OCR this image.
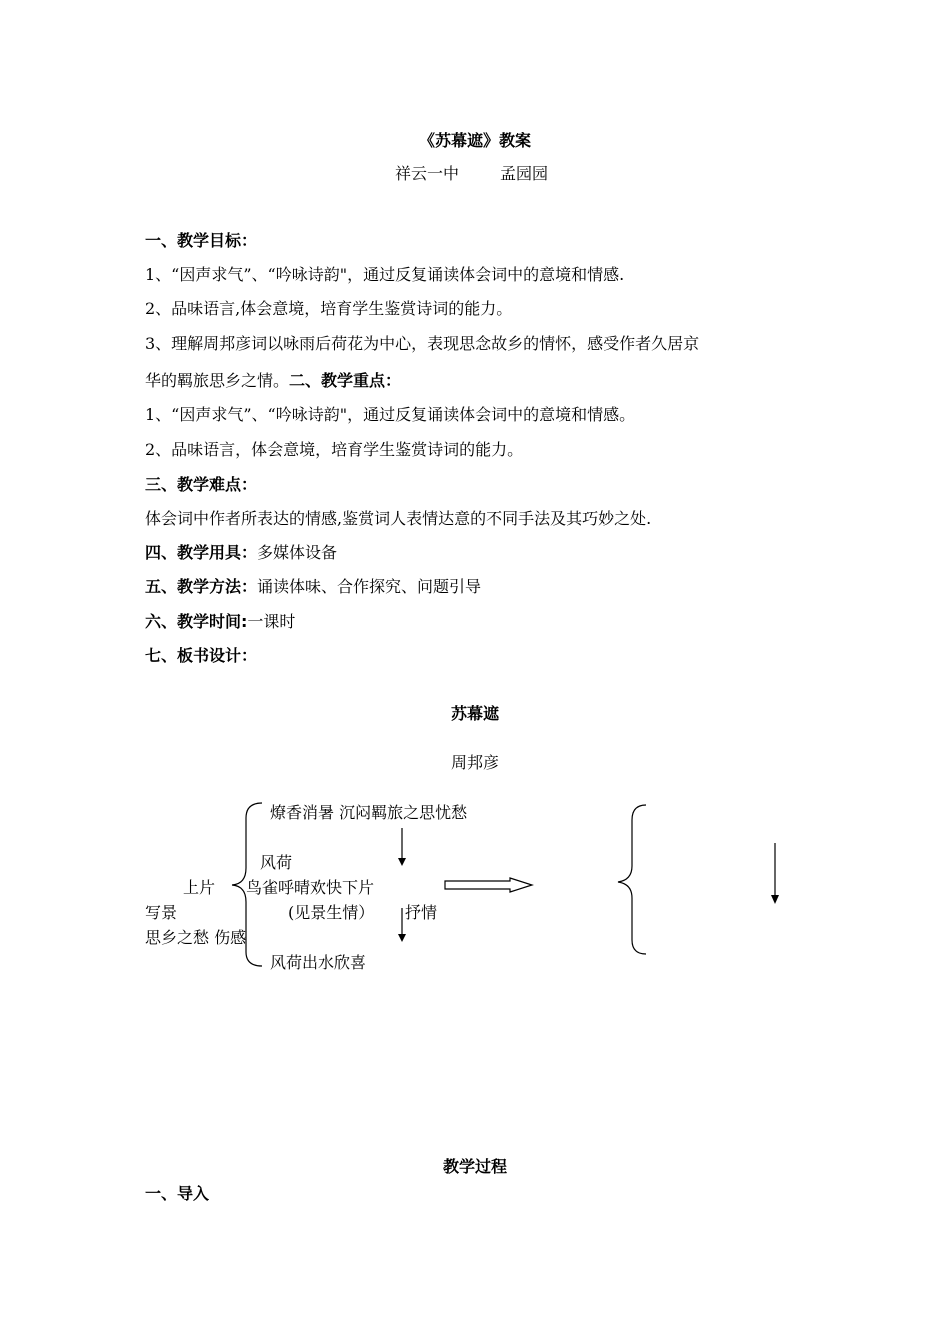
《苏幕遮》教案
祥云一中	孟园园
一、教学目标：
1、“因声求气”、“吟咏诗韵"，通过反复诵读体会词中的意境和情感.
2、品味语言,体会意境，培育学生鉴赏诗词的能力。
3、理解周邦彦词以咏雨后荷花为中心，表现思念故乡的情怀，感受作者久居京
华的羁旅思乡之情。二、教学重点：
1、“因声求气”、“吟咏诗韵"，通过反复诵读体会词中的意境和情感。
2、品味语言，体会意境，培育学生鉴赏诗词的能力。
三、教学难点：
体会词中作者所表达的情感,鉴赏词人表情达意的不同手法及其巧妙之处.
四、教学用具：多媒体设备
五、教学方法：诵读体味、合作探究、问题引导
六、教学时间:一课时
七、板书设计：
苏幕遮
周邦彦
燎香消暑 沉闷羁旅之思忧愁
风荷
上片 鸟雀呼晴欢快下片
写景	(见景生情） 抒情
思乡之愁 伤感
风荷出水欣喜
教学过程
一、导入
